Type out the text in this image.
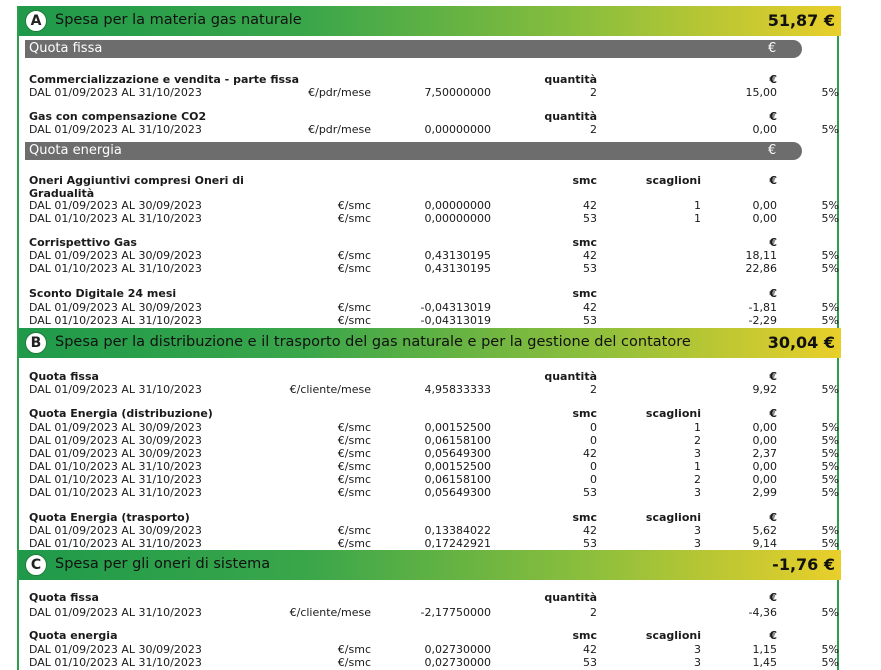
A Spesa per la materia gas naturale	51,87 €
Quota fissa	€
Commercializzazione e vendita - parte fissa	quantità	€
DAL 01/09/2023 AL 31/10/2023	€/pdr/mese	7,50000000	2	15,00	5%
Gas con compensazione CO2	quantità	€
DAL 01/09/2023 AL 31/10/2023	€/pdr/mese	0,00000000	2	0,00	5%
Quota energia	€
Oneri Aggiuntivi compresi Oneri di Gradualità
smc	scaglioni	€
DAL 01/09/2023 AL 30/09/2023	€/smc	0,00000000	42	1	0,00	5%
DAL 01/10/2023 AL 31/10/2023	€/smc	0,00000000	53	1	0,00	5%
Corrispettivo Gas	smc	€
DAL 01/09/2023 AL 30/09/2023	€/smc	0,43130195	42	18,11	5%
DAL 01/10/2023 AL 31/10/2023	€/smc	0,43130195	53	22,86	5%
Sconto Digitale 24 mesi	smc	€
DAL 01/09/2023 AL 30/09/2023	€/smc	-0,04313019	42	-1,81	5%
DAL 01/10/2023 AL 31/10/2023	€/smc	-0,04313019	53	-2,29	5%
B Spesa per la distribuzione e il trasporto del gas naturale e per la gestione del contatore	30,04 €
Quota fissa	quantità	€
DAL 01/09/2023 AL 31/10/2023	€/cliente/mese	4,95833333	2	9,92	5%
Quota Energia (distribuzione)	smc	scaglioni	€
DAL 01/09/2023 AL 30/09/2023	€/smc	0,00152500	0	1	0,00	5%
DAL 01/09/2023 AL 30/09/2023	€/smc	0,06158100	0	2	0,00	5%
DAL 01/09/2023 AL 30/09/2023	€/smc	0,05649300	42	3	2,37	5%
DAL 01/10/2023 AL 31/10/2023	€/smc	0,00152500	0	1	0,00	5%
DAL 01/10/2023 AL 31/10/2023	€/smc	0,06158100	0	2	0,00	5%
DAL 01/10/2023 AL 31/10/2023	€/smc	0,05649300	53	3	2,99	5%
Quota Energia (trasporto)	smc	scaglioni	€
DAL 01/09/2023 AL 30/09/2023	€/smc	0,13384022	42	3	5,62	5%
DAL 01/10/2023 AL 31/10/2023	€/smc	0,17242921	53	3	9,14	5%
C Spesa per gli oneri di sistema	-1,76 €
Quota fissa	quantità	€
DAL 01/09/2023 AL 31/10/2023	€/cliente/mese	-2,17750000	2	-4,36	5%
Quota energia	smc	scaglioni	€
DAL 01/09/2023 AL 30/09/2023	€/smc	0,02730000	42	3	1,15	5%
DAL 01/10/2023 AL 31/10/2023	€/smc	0,02730000	53	3	1,45	5%
